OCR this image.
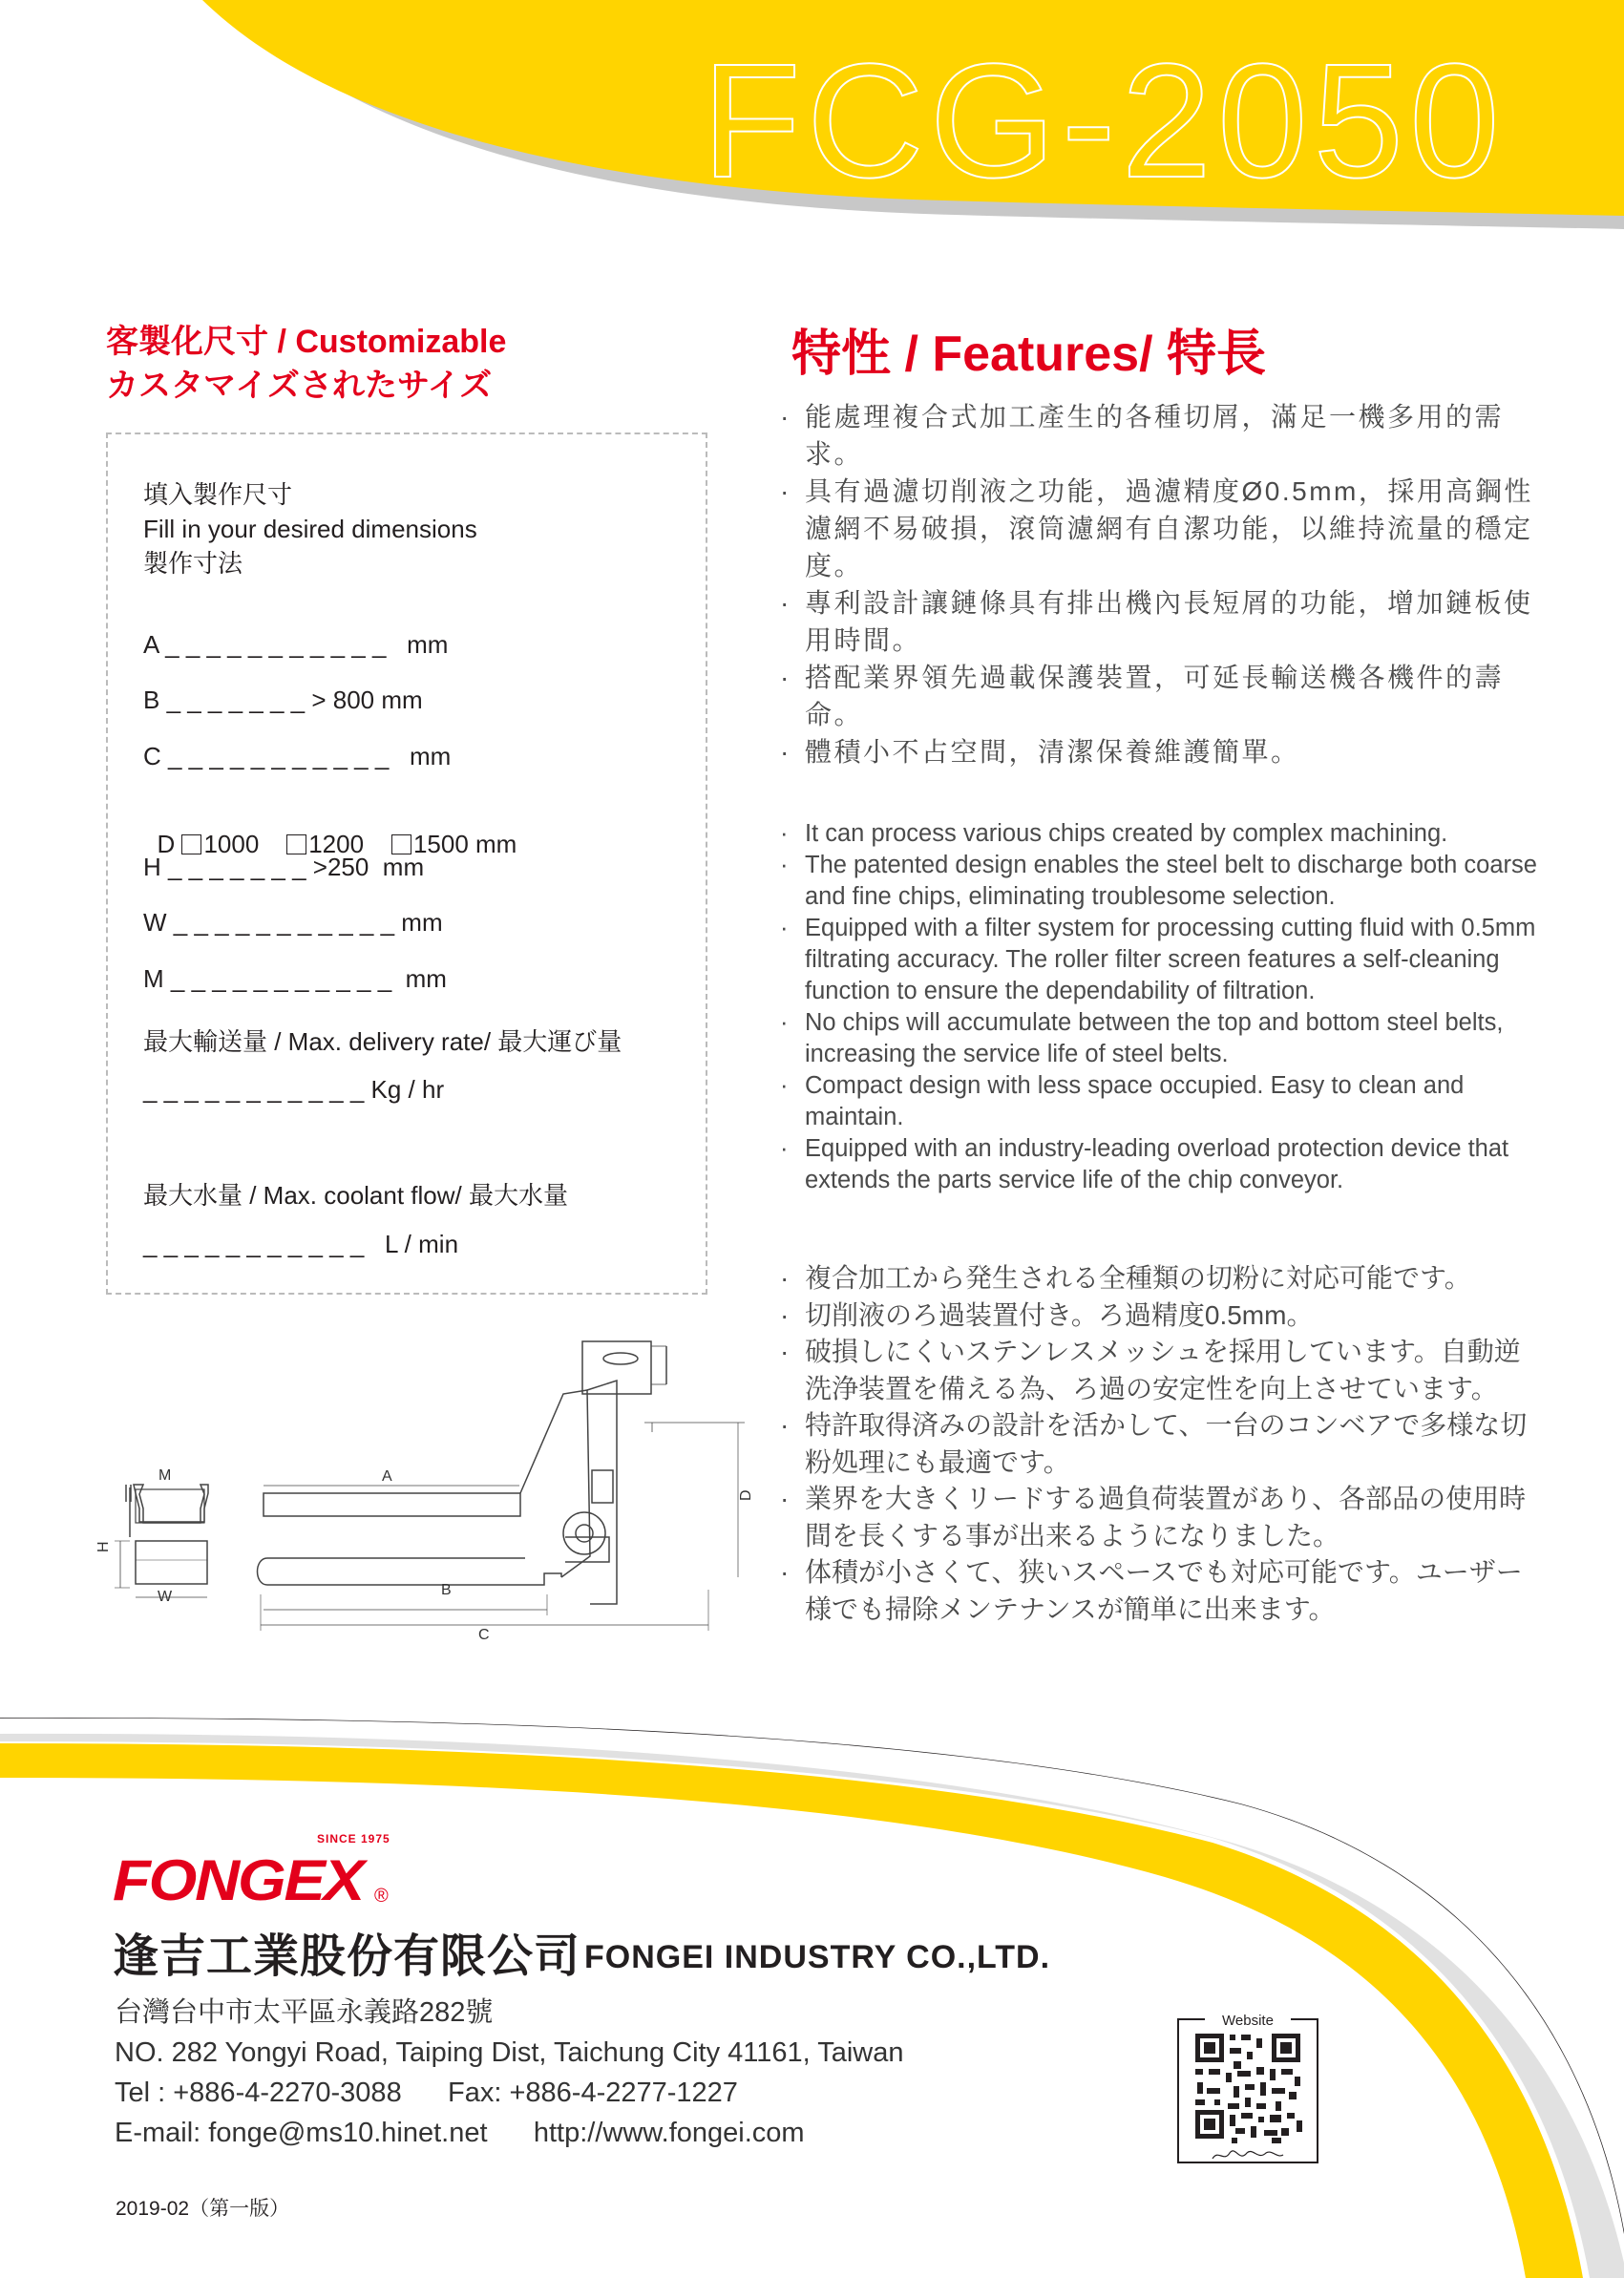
FCG-2050
客製化尺寸 / Customizable
カスタマイズされたサイズ
填入製作尺寸
Fill in your desired dimensions
製作寸法
A _ _ _ _ _ _ _ _ _ _ _   mm
B _ _ _ _ _ _ _ > 800 mm
C _ _ _ _ _ _ _ _ _ _ _   mm

D 1000 1200 1500 mm

H _ _ _ _ _ _ _ >250  mm
W _ _ _ _ _ _ _ _ _ _ _ mm
M _ _ _ _ _ _ _ _ _ _ _  mm
最大輸送量 / Max. delivery rate/ 最大運び量
_ _ _ _ _ _ _ _ _ _ _ Kg / hr
最大水量 / Max. coolant flow/ 最大水量
_ _ _ _ _ _ _ _ _ _ _   L / min
特性 / Features/ 特長
· 能處理複合式加工產生的各種切屑，滿足一機多用的需求。
· 具有過濾切削液之功能，過濾精度Ø0.5mm，採用高鋼性濾網不易破損，滾筒濾網有自潔功能，以維持流量的穩定度。
· 專利設計讓鏈條具有排出機內長短屑的功能，增加鏈板使用時間。
· 搭配業界領先過載保護裝置，可延長輸送機各機件的壽命。
· 體積小不占空間，清潔保養維護簡單。
· It can process various chips created by complex machining.
· The patented design enables the steel belt to discharge both coarse and fine chips, eliminating troublesome selection.
· Equipped with a filter system for processing cutting fluid with 0.5mm filtrating accuracy. The roller filter screen features a self-cleaning function to ensure the dependability of filtration.
· No chips will accumulate between the top and bottom steel belts, increasing the service life of steel belts.
· Compact design with less space occupied. Easy to clean and maintain.
· Equipped with an industry-leading overload protection device that extends the parts service life of the chip conveyor.
· 複合加工から発生される全種類の切粉に対応可能です。
· 切削液のろ過装置付き。ろ過精度0.5mm。
· 破損しにくいステンレスメッシュを採用しています。自動逆洗浄装置を備える為、ろ過の安定性を向上させています。
· 特許取得済みの設計を活かして、一台のコンベアで多様な切粉処理にも最適です。
· 業界を大きくリードする過負荷装置があり、各部品の使用時間を長くする事が出来るようになりました。
· 体積が小さくて、狭いスペースでも対応可能です。ユーザー様でも掃除メンテナンスが簡単に出来ます。
M
H
W
A
D
B
C
SINCE 1975
FONGEX ®
逢吉工業股份有限公司 FONGEI INDUSTRY CO.,LTD.
台灣台中市太平區永義路282號
NO. 282 Yongyi Road, Taiping Dist, Taichung City 41161, Taiwan
Tel : +886-4-2270-3088      Fax: +886-4-2277-1227
E-mail: fonge@ms10.hinet.net      http://www.fongei.com
Website
2019-02（第一版）
